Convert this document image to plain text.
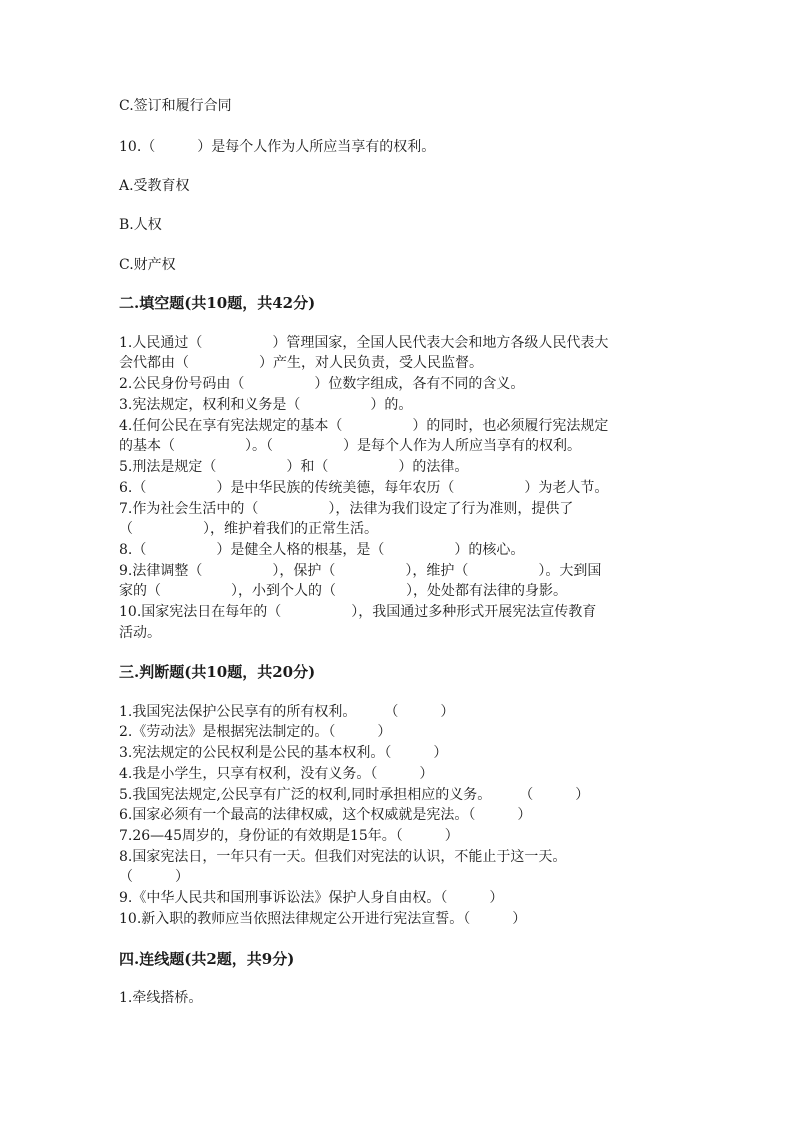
C.签订和履行合同
10.（　　　）是每个人作为人所应当享有的权利。
A.受教育权
B.人权
C.财产权
二.填空题(共10题，共42分)
1.人民通过（　　　　　）管理国家，全国人民代表大会和地方各级人民代表大
会代都由（　　　　　）产生，对人民负责，受人民监督。
2.公民身份号码由（　　　　　）位数字组成，各有不同的含义。
3.宪法规定，权利和义务是（　　　　　）的。
4.任何公民在享有宪法规定的基本（　　　　　）的同时，也必须履行宪法规定
的基本（　　　　　）。（　　　　　）是每个人作为人所应当享有的权利。
5.刑法是规定（　　　　　）和（　　　　　）的法律。
6.（　　　　　）是中华民族的传统美德，每年农历（　　　　　）为老人节。
7.作为社会生活中的（　　　　　），法律为我们设定了行为准则，提供了
（　　　　　），维护着我们的正常生活。
8.（　　　　　）是健全人格的根基，是（　　　　　）的核心。
9.法律调整（　　　　　），保护（　　　　　），维护（　　　　　）。大到国
家的（　　　　　），小到个人的（　　　　　），处处都有法律的身影。
10.国家宪法日在每年的（　　　　　），我国通过多种形式开展宪法宣传教育
活动。
三.判断题(共10题，共20分)
1.我国宪法保护公民享有的所有权利。　　　（　　　）
2.《劳动法》是根据宪法制定的。（　　　）
3.宪法规定的公民权利是公民的基本权利。（　　　）
4.我是小学生，只享有权利，没有义务。（　　　）
5.我国宪法规定,公民享有广泛的权利,同时承担相应的义务。　　　（　　　）
6.国家必须有一个最高的法律权威，这个权威就是宪法。（　　　）
7.26—45周岁的，身份证的有效期是15年。（　　　）
8.国家宪法日，一年只有一天。但我们对宪法的认识，不能止于这一天。
（　　　）
9.《中华人民共和国刑事诉讼法》保护人身自由权。（　　　）
10.新入职的教师应当依照法律规定公开进行宪法宣誓。（　　　）
四.连线题(共2题，共9分)
1.牵线搭桥。
